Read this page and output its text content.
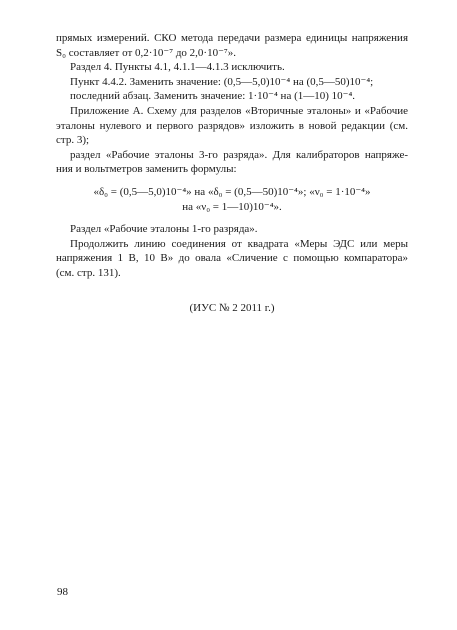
прямых измерений. СКО метода передачи размера единицы напряжения
S₀ составляет от 0,2·10⁻⁷ до 2,0·10⁻⁷».
Раздел 4. Пункты 4.1, 4.1.1—4.1.3 исключить.
Пункт 4.4.2. Заменить значение: (0,5—5,0)10⁻⁴ на (0,5—50)10⁻⁴;
последний абзац. Заменить значение: 1·10⁻⁴ на (1—10) 10⁻⁴.
Приложение А. Схему для разделов «Вторичные эталоны» и «Рабочие
эталоны нулевого и первого разрядов» изложить в новой редакции (см.
стр. 3);
раздел «Рабочие эталоны 3-го разряда». Для калибраторов напряже-
ния и вольтметров заменить формулы:
«δ₀ = (0,5—5,0)10⁻⁴» на «δ₀ = (0,5—50)10⁻⁴»; «ν₀ = 1·10⁻⁴»
на «ν₀ = 1—10)10⁻⁴».
Раздел «Рабочие эталоны 1-го разряда».
Продолжить линию соединения от квадрата «Меры ЭДС или меры
напряжения 1 В, 10 В» до овала «Сличение с помощью компаратора»
(см. стр. 131).
(ИУС № 2 2011 г.)
98
